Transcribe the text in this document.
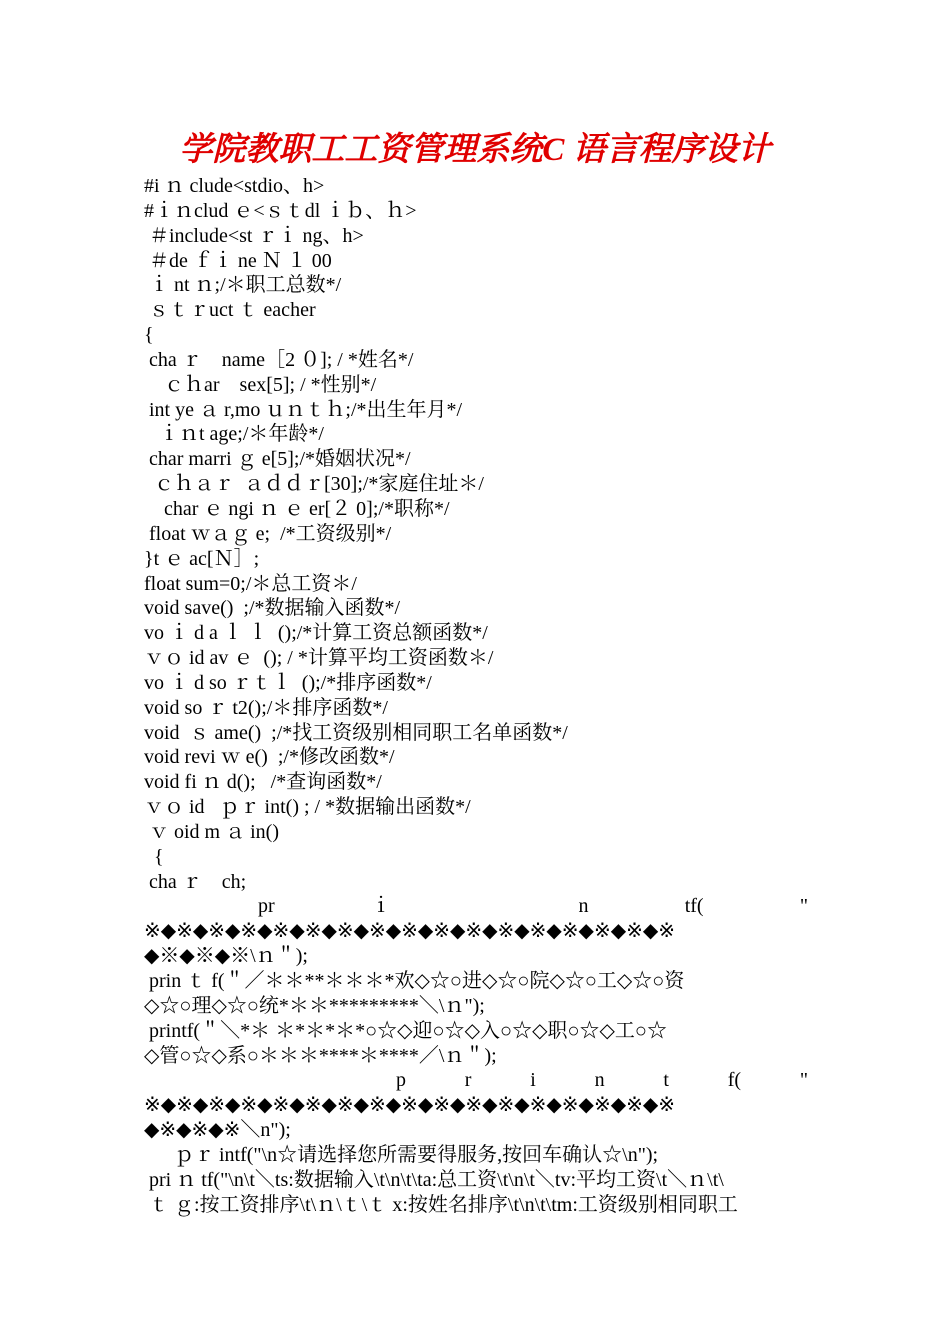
学院教职工工资管理系统C 语言程序设计
#i ｎ clude<stdio、h>
#ｉｎclud ｅ<ｓｔdl ｉｂ、ｈ>
＃include<st ｒｉ ng、h>
＃de ｆｉ ne Ｎ １ 00
ｉ nt ｎ;/＊职工总数*/
ｓｔｒuct ｔ eacher
{
cha ｒ    name［2 ０]; / *姓名*/
ｃｈar    sex[5]; / *性别*/
int ye ａ r,mo ｕｎｔｈ;/*出生年月*/
ｉｎt age;/＊年龄*/
char marri ｇ e[5];/*婚姻状况*/
ｃｈａｒ  ａｄｄｒ[30];/*家庭住址＊/
char ｅ ngi ｎ ｅ er[２ 0];/*职称*/
float ｗａｇ e;  /*工资级别*/
}t ｅ ac[Ｎ］;
float sum=0;/＊总工资＊/
void save()  ;/*数据输入函数*/
vo ｉ d a ｌ ｌ  ();/*计算工资总额函数*/
ｖｏ id av ｅ  (); / *计算平均工资函数＊/
vo ｉ d so ｒｔｌ  ();/*排序函数*/
void so ｒ t2();/＊排序函数*/
void  ｓ ame()  ;/*找工资级别相同职工名单函数*/
void revi ｗ e()  ;/*修改函数*/
void fi ｎ d();   /*查询函数*/
ｖｏ id   ｐｒ int() ; / *数据输出函数*/
ｖ oid m ａ in()
{
cha ｒ    ch;
pr ｉ n tf( "
※◆※◆※◆※◆※◆※◆※◆※◆※◆※◆※◆※◆※◆※◆※◆※◆※
◆※◆※◆※\ｎ＂);
prin ｔ f(＂／＊＊**＊＊＊*欢◇☆○进◇☆○院◇☆○工◇☆○资
◇☆○理◇☆○统*＊＊*********＼\ｎ");
printf(＂＼*＊ ＊*＊*＊*○☆◇迎○☆◇入○☆◇职○☆◇工○☆
◇管○☆◇系○＊＊＊****＊****／\ｎ＂);
p r i n t f( "
※◆※◆※◆※◆※◆※◆※◆※◆※◆※◆※◆※◆※◆※◆※◆※◆※
◆※◆※◆※＼n");
ｐｒ intf("\n☆请选择您所需要得服务,按回车确认☆\n");
pri ｎ tf("\n\t＼ts:数据输入\t\n\t\ta:总工资\t\n\t＼tv:平均工资\t＼ｎ\t\
ｔ ｇ:按工资排序\t\ｎ\ｔ\ｔ x:按姓名排序\t\n\t\tm:工资级别相同职工
